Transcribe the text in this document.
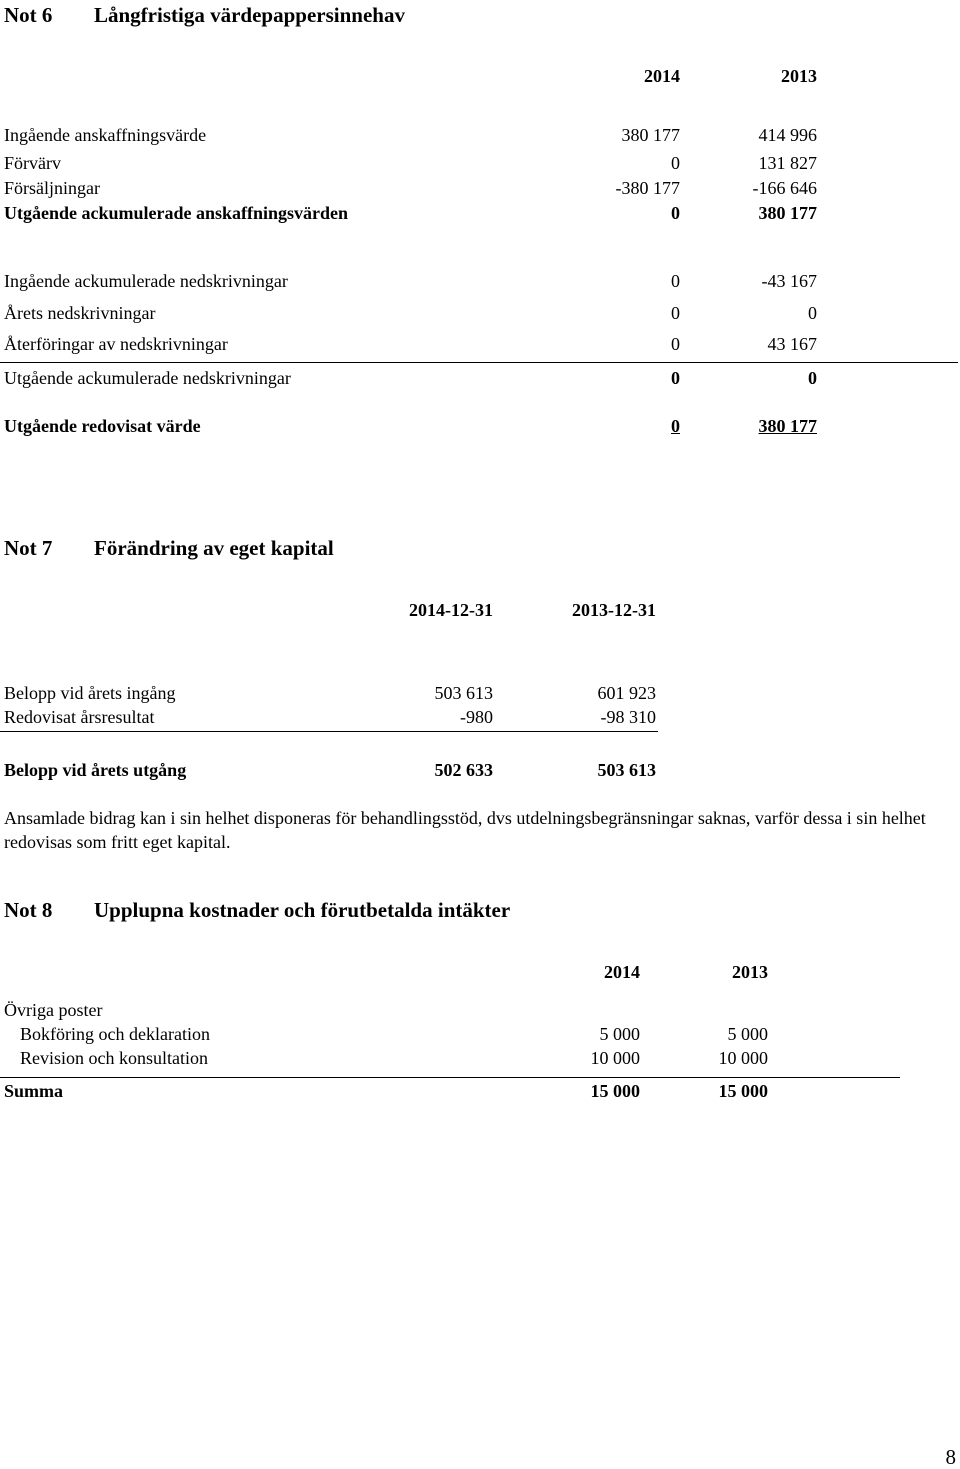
Not 6 Långfristiga värdepappersinnehav
2014	2013
Ingående anskaffningsvärde	380 177	414 996
Förvärv	0	131 827
Försäljningar	-380 177	-166 646
Utgående ackumulerade anskaffningsvärden	0	380 177
Ingående ackumulerade nedskrivningar	0	-43 167
Årets nedskrivningar	0	0
Återföringar av nedskrivningar	0	43 167
Utgående ackumulerade nedskrivningar	0	0
Utgående redovisat värde	0	380 177
Not 7 Förändring av eget kapital
2014-12-31	2013-12-31
Belopp vid årets ingång	503 613	601 923
Redovisat årsresultat	-980	-98 310
Belopp vid årets utgång	502 633	503 613
Ansamlade bidrag kan i sin helhet disponeras för behandlingsstöd, dvs utdelningsbegränsningar saknas, varför dessa i sin helhet redovisas som fritt eget kapital.
Not 8 Upplupna kostnader och förutbetalda intäkter
2014	2013
Övriga poster
Bokföring och deklaration	5 000	5 000
Revision och konsultation	10 000	10 000
Summa	15 000	15 000
8
